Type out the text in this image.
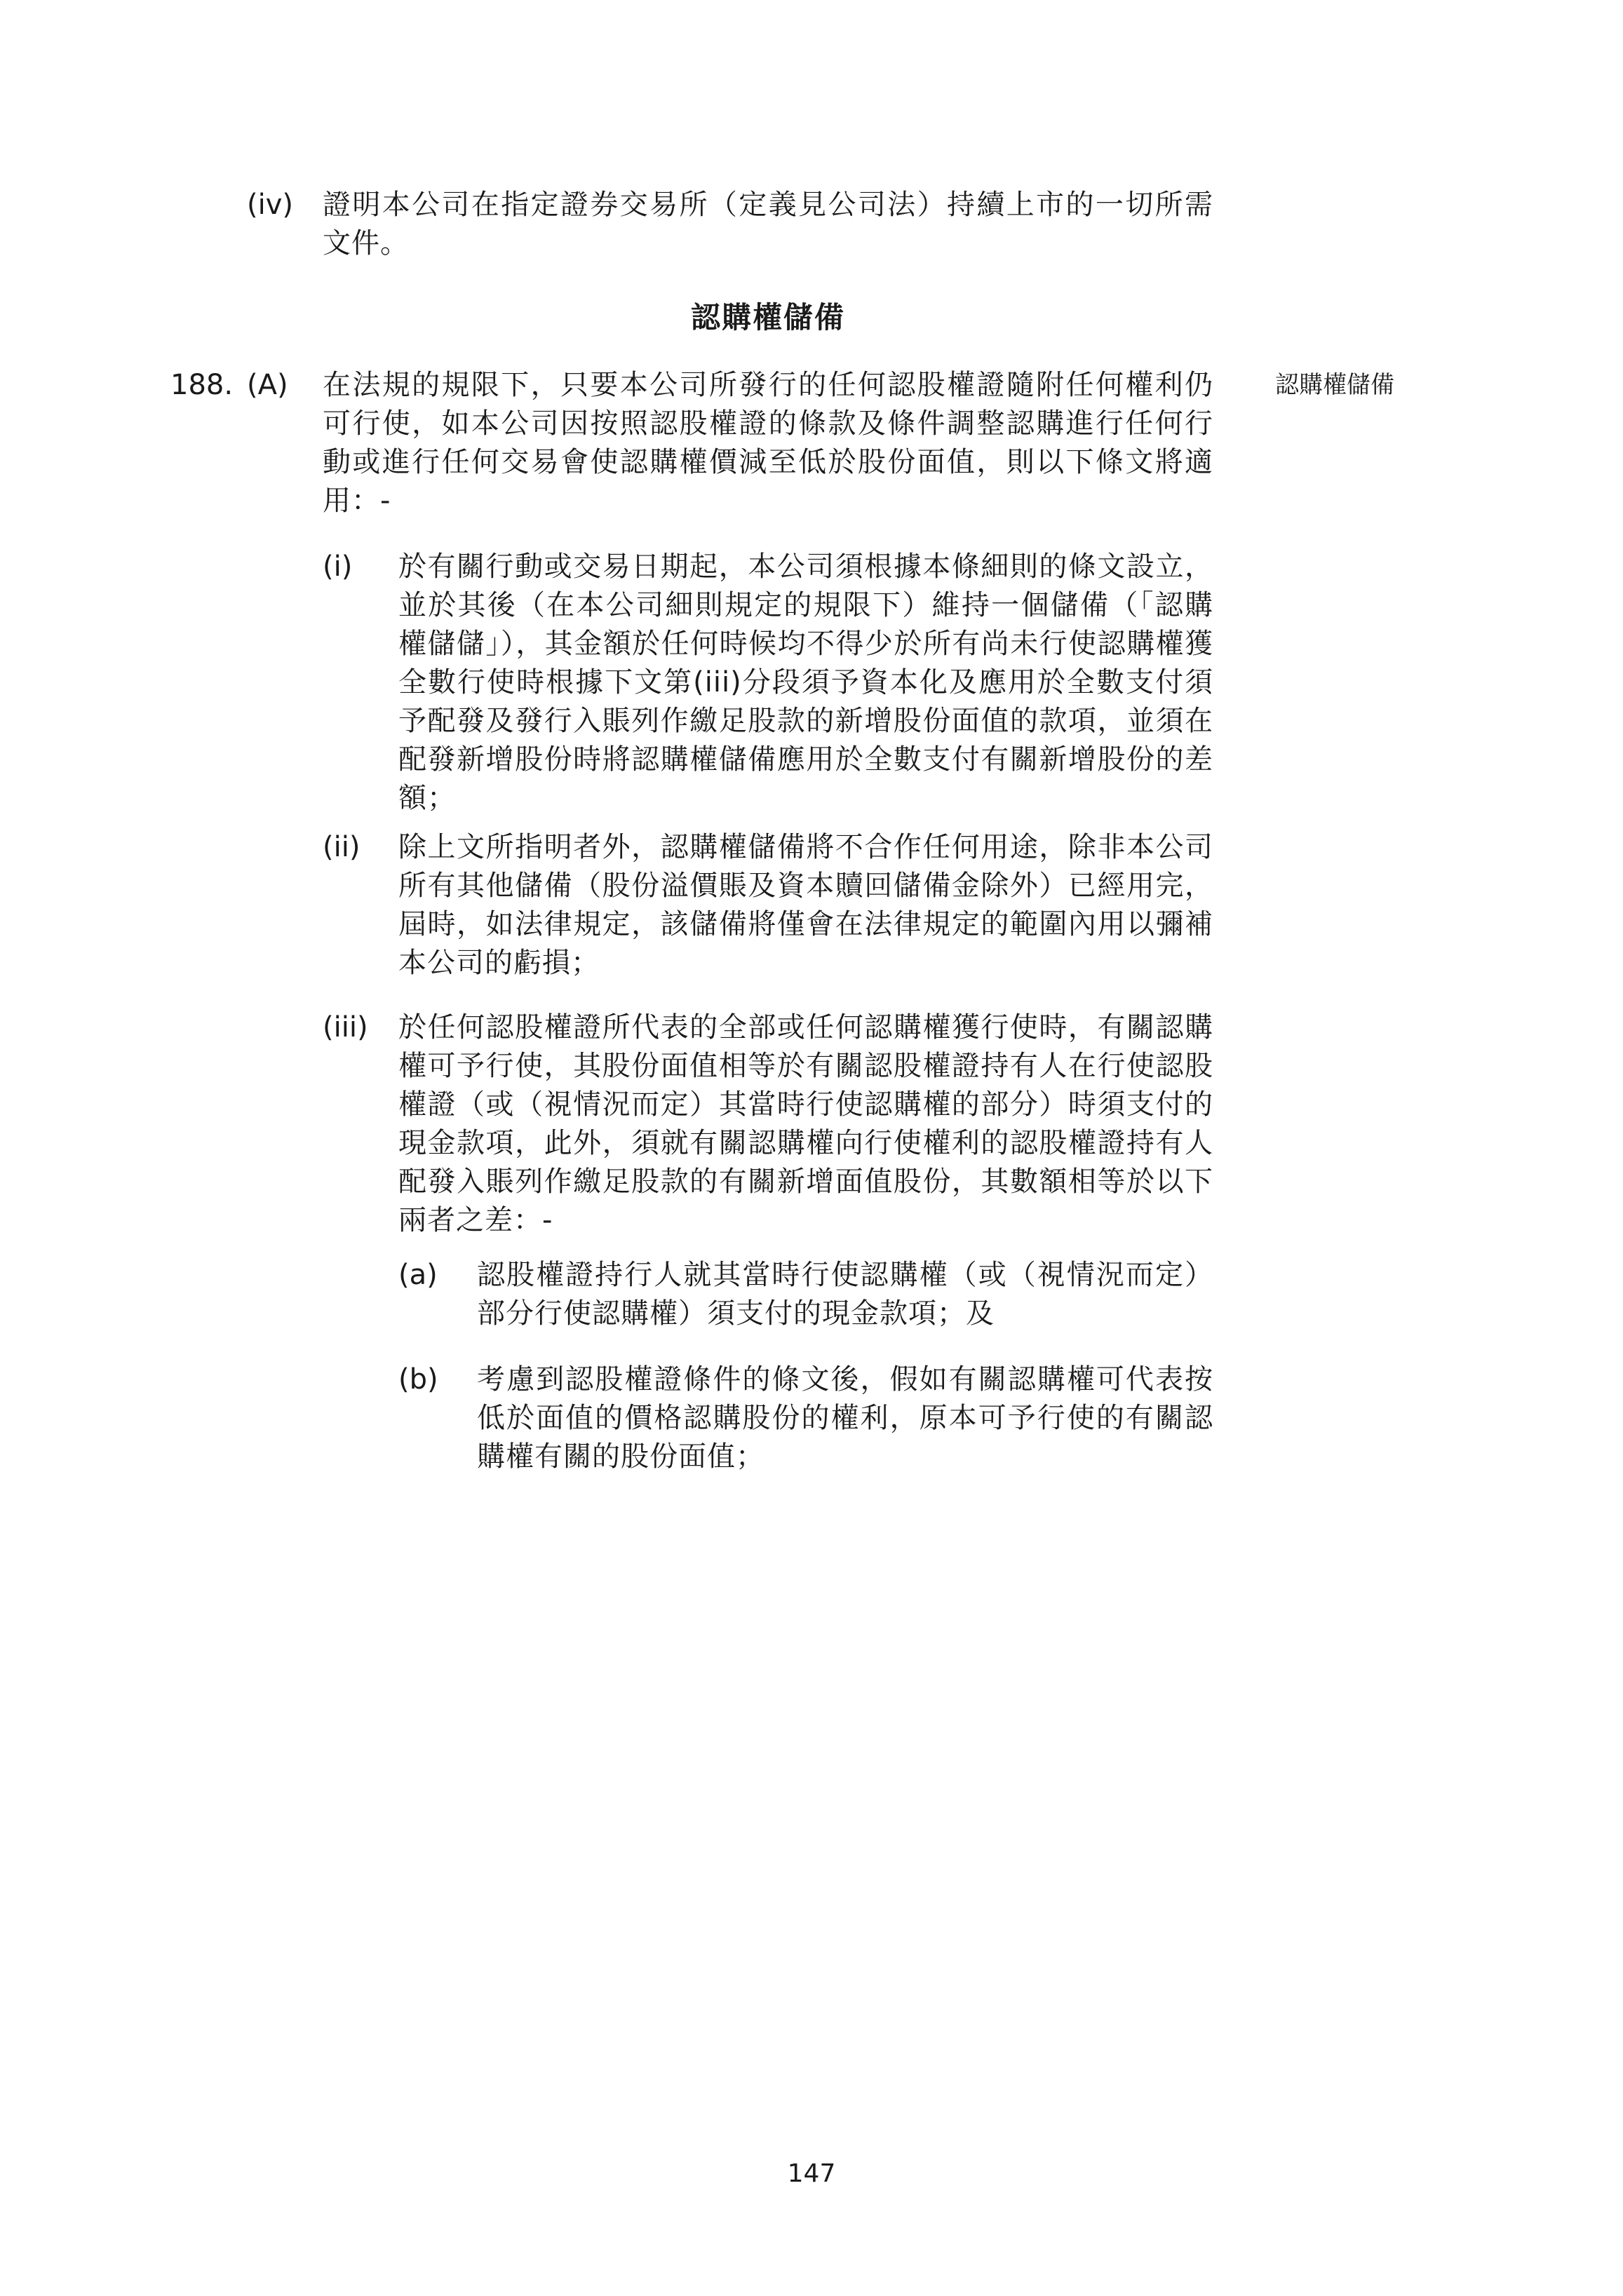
(iv) 證明本公司在指定證券交易所（定義見公司法）持續上市的一切所需文件。

認購權儲備
188. (A) 在法規的規限下，只要本公司所發行的任何認股權證隨附任何權利仍可行使，如本公司因按照認股權證的條款及條件調整認購進行任何行動或進行任何交易會使認購權價減至低於股份面值，則以下條文將適用：-

認購權儲備
(i) 於有關行動或交易日期起，本公司須根據本條細則的條文設立，並於其後（在本公司細則規定的規限下）維持一個儲備（「認購權儲儲」），其金額於任何時候均不得少於所有尚未行使認購權獲全數行使時根據下文第(iii)分段須予資本化及應用於全數支付須予配發及發行入賬列作繳足股款的新增股份面值的款項，並須在配發新增股份時將認購權儲備應用於全數支付有關新增股份的差額；

(ii) 除上文所指明者外，認購權儲備將不合作任何用途，除非本公司所有其他儲備（股份溢價賬及資本贖回儲備金除外）已經用完，屆時，如法律規定，該儲備將僅會在法律規定的範圍內用以彌補本公司的虧損；

(iii) 於任何認股權證所代表的全部或任何認購權獲行使時，有關認購權可予行使，其股份面值相等於有關認股權證持有人在行使認股權證（或（視情況而定）其當時行使認購權的部分）時須支付的現金款項，此外，須就有關認購權向行使權利的認股權證持有人配發入賬列作繳足股款的有關新增面值股份，其數額相等於以下兩者之差：-

(a) 認股權證持行人就其當時行使認購權（或（視情況而定）部分行使認購權）須支付的現金款項；及

(b) 考慮到認股權證條件的條文後，假如有關認購權可代表按低於面值的價格認購股份的權利，原本可予行使的有關認購權有關的股份面值；

147
